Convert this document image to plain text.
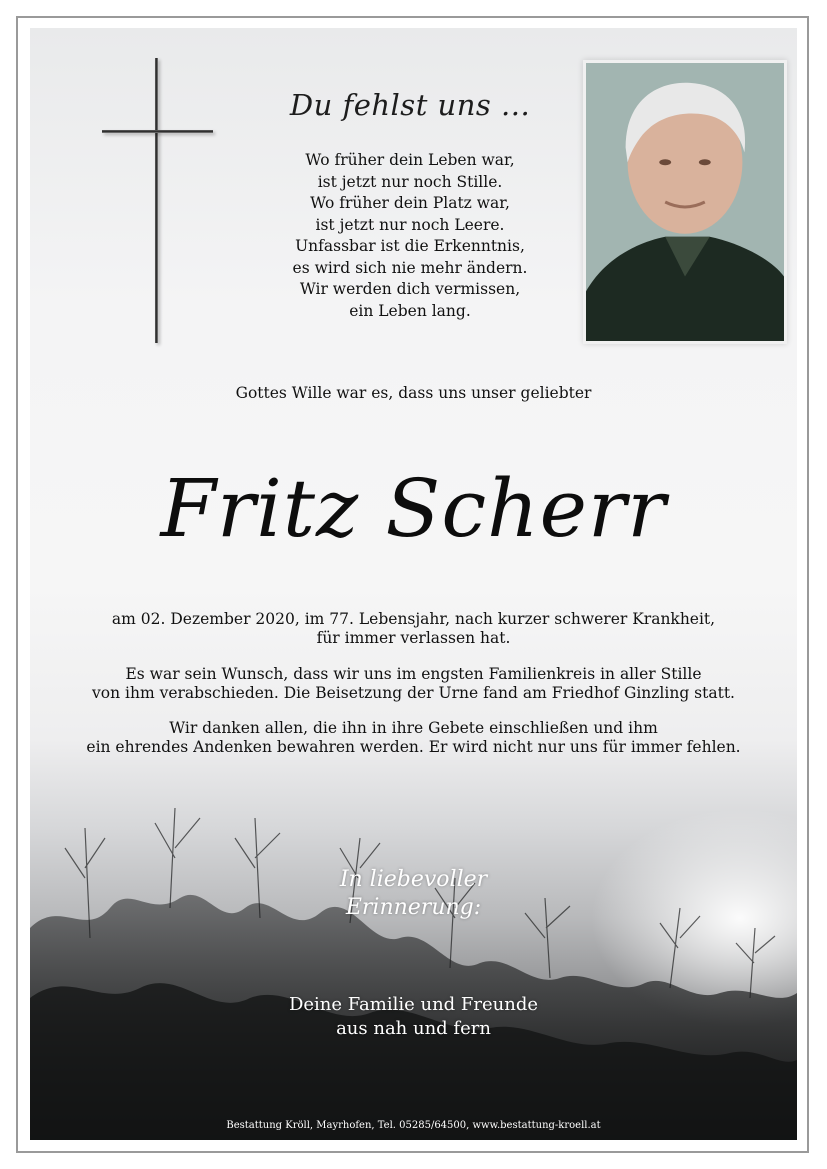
Du fehlst uns ...
Wo früher dein Leben war,
ist jetzt nur noch Stille.
Wo früher dein Platz war,
ist jetzt nur noch Leere.
Unfassbar ist die Erkenntnis,
es wird sich nie mehr ändern.
Wir werden dich vermissen,
ein Leben lang.
Gottes Wille war es, dass uns unser geliebter
Fritz Scherr
am 02. Dezember 2020, im 77. Lebensjahr, nach kurzer schwerer Krankheit,
für immer verlassen hat.
Es war sein Wunsch, dass wir uns im engsten Familienkreis in aller Stille
von ihm verabschieden. Die Beisetzung der Urne fand am Friedhof Ginzling statt.
Wir danken allen, die ihn in ihre Gebete einschließen und ihm
ein ehrendes Andenken bewahren werden. Er wird nicht nur uns für immer fehlen.
In liebevoller
Erinnerung:
Deine Familie und Freunde
aus nah und fern
Bestattung Kröll, Mayrhofen, Tel. 05285/64500, www.bestattung-kroell.at
